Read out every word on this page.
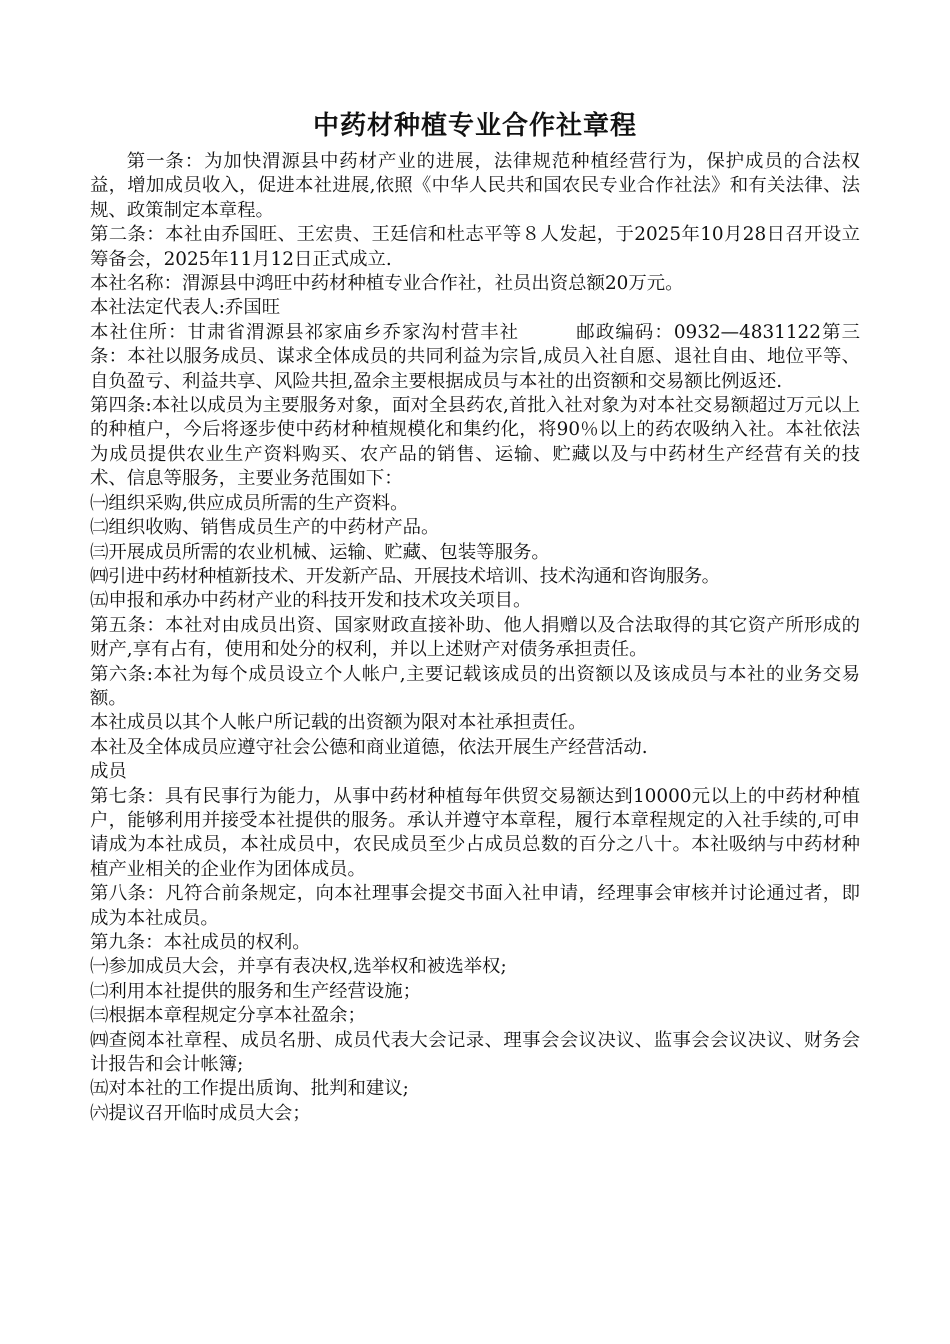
中药材种植专业合作社章程

第一条：为加快渭源县中药材产业的进展，法律规范种植经营行为，保护成员的合法权益，增加成员收入，促进本社进展,依照《中华人民共和国农民专业合作社法》和有关法律、法规、政策制定本章程。

第二条：本社由乔国旺、王宏贵、王廷信和杜志平等８人发起，于2025年10月28日召开设立筹备会，2025年11月12日正式成立.

本社名称：渭源县中鸿旺中药材种植专业合作社，社员出资总额20万元。

本社法定代表人:乔国旺

本社住所：甘肃省渭源县祁家庙乡乔家沟村营丰社	邮政编码：0932—4831122第三条：本社以服务成员、谋求全体成员的共同利益为宗旨,成员入社自愿、退社自由、地位平等、自负盈亏、利益共享、风险共担,盈余主要根据成员与本社的出资额和交易额比例返还.

第四条:本社以成员为主要服务对象，面对全县药农,首批入社对象为对本社交易额超过万元以上的种植户，今后将逐步使中药材种植规模化和集约化，将90％以上的药农吸纳入社。本社依法为成员提供农业生产资料购买、农产品的销售、运输、贮藏以及与中药材生产经营有关的技术、信息等服务，主要业务范围如下：

㈠组织采购,供应成员所需的生产资料。

㈡组织收购、销售成员生产的中药材产品。

㈢开展成员所需的农业机械、运输、贮藏、包装等服务。

㈣引进中药材种植新技术、开发新产品、开展技术培训、技术沟通和咨询服务。

㈤申报和承办中药材产业的科技开发和技术攻关项目。

第五条：本社对由成员出资、国家财政直接补助、他人捐赠以及合法取得的其它资产所形成的财产,享有占有，使用和处分的权利，并以上述财产对债务承担责任。

第六条:本社为每个成员设立个人帐户,主要记载该成员的出资额以及该成员与本社的业务交易额。

本社成员以其个人帐户所记载的出资额为限对本社承担责任。

本社及全体成员应遵守社会公德和商业道德，依法开展生产经营活动.

成员

第七条：具有民事行为能力，从事中药材种植每年供贸交易额达到10000元以上的中药材种植户，能够利用并接受本社提供的服务。承认并遵守本章程，履行本章程规定的入社手续的,可申请成为本社成员，本社成员中，农民成员至少占成员总数的百分之八十。本社吸纳与中药材种植产业相关的企业作为团体成员。

第八条：凡符合前条规定，向本社理事会提交书面入社申请，经理事会审核并讨论通过者，即成为本社成员。

第九条：本社成员的权利。

㈠参加成员大会，并享有表决权,选举权和被选举权;

㈡利用本社提供的服务和生产经营设施；

㈢根据本章程规定分享本社盈余；

㈣查阅本社章程、成员名册、成员代表大会记录、理事会会议决议、监事会会议决议、财务会计报告和会计帐簿;

㈤对本社的工作提出质询、批判和建议;

㈥提议召开临时成员大会；
